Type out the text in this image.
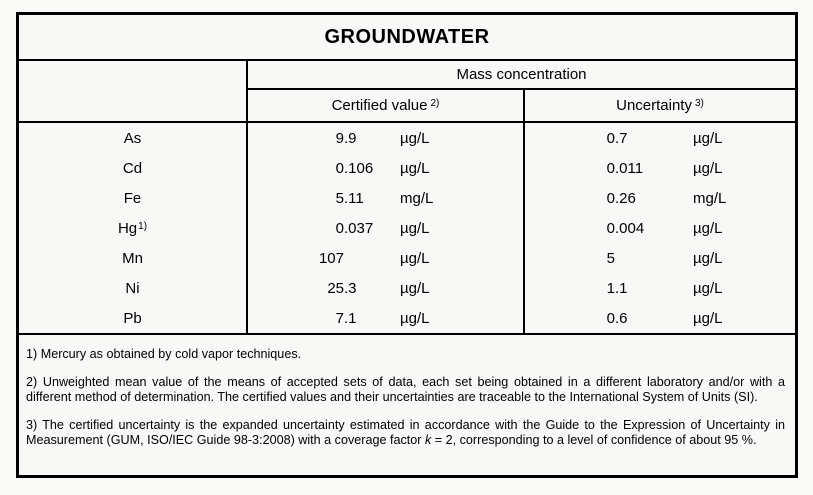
GROUNDWATER
Mass concentration
Certified value $^{2)}$	Uncertainty $^{3)}$
As	9 .9	µg/L	0 .7	µg/L
Cd	0 .106	µg/L	0 .011	µg/L
Fe	5 .11	mg/L	0 .26	mg/L
Hg$^{1)}$	0 .037	µg/L	0 .004	µg/L
Mn	107	µg/L	5	µg/L
Ni	25 .3	µg/L	1 .1	µg/L
Pb	7 .1	µg/L	0 .6	µg/L

1) Mercury as obtained by cold vapor techniques.

2) Unweighted mean value of the means of accepted sets of data, each set being obtained in a different laboratory and/or with a different method of determination. The certified values and their uncertainties are traceable to the International System of Units (SI).

3) The certified uncertainty is the expanded uncertainty estimated in accordance with the Guide to the Expression of Uncertainty in Measurement (GUM, ISO/IEC Guide 98-3:2008) with a coverage factor k = 2, corresponding to a level of confidence of about 95 %.
